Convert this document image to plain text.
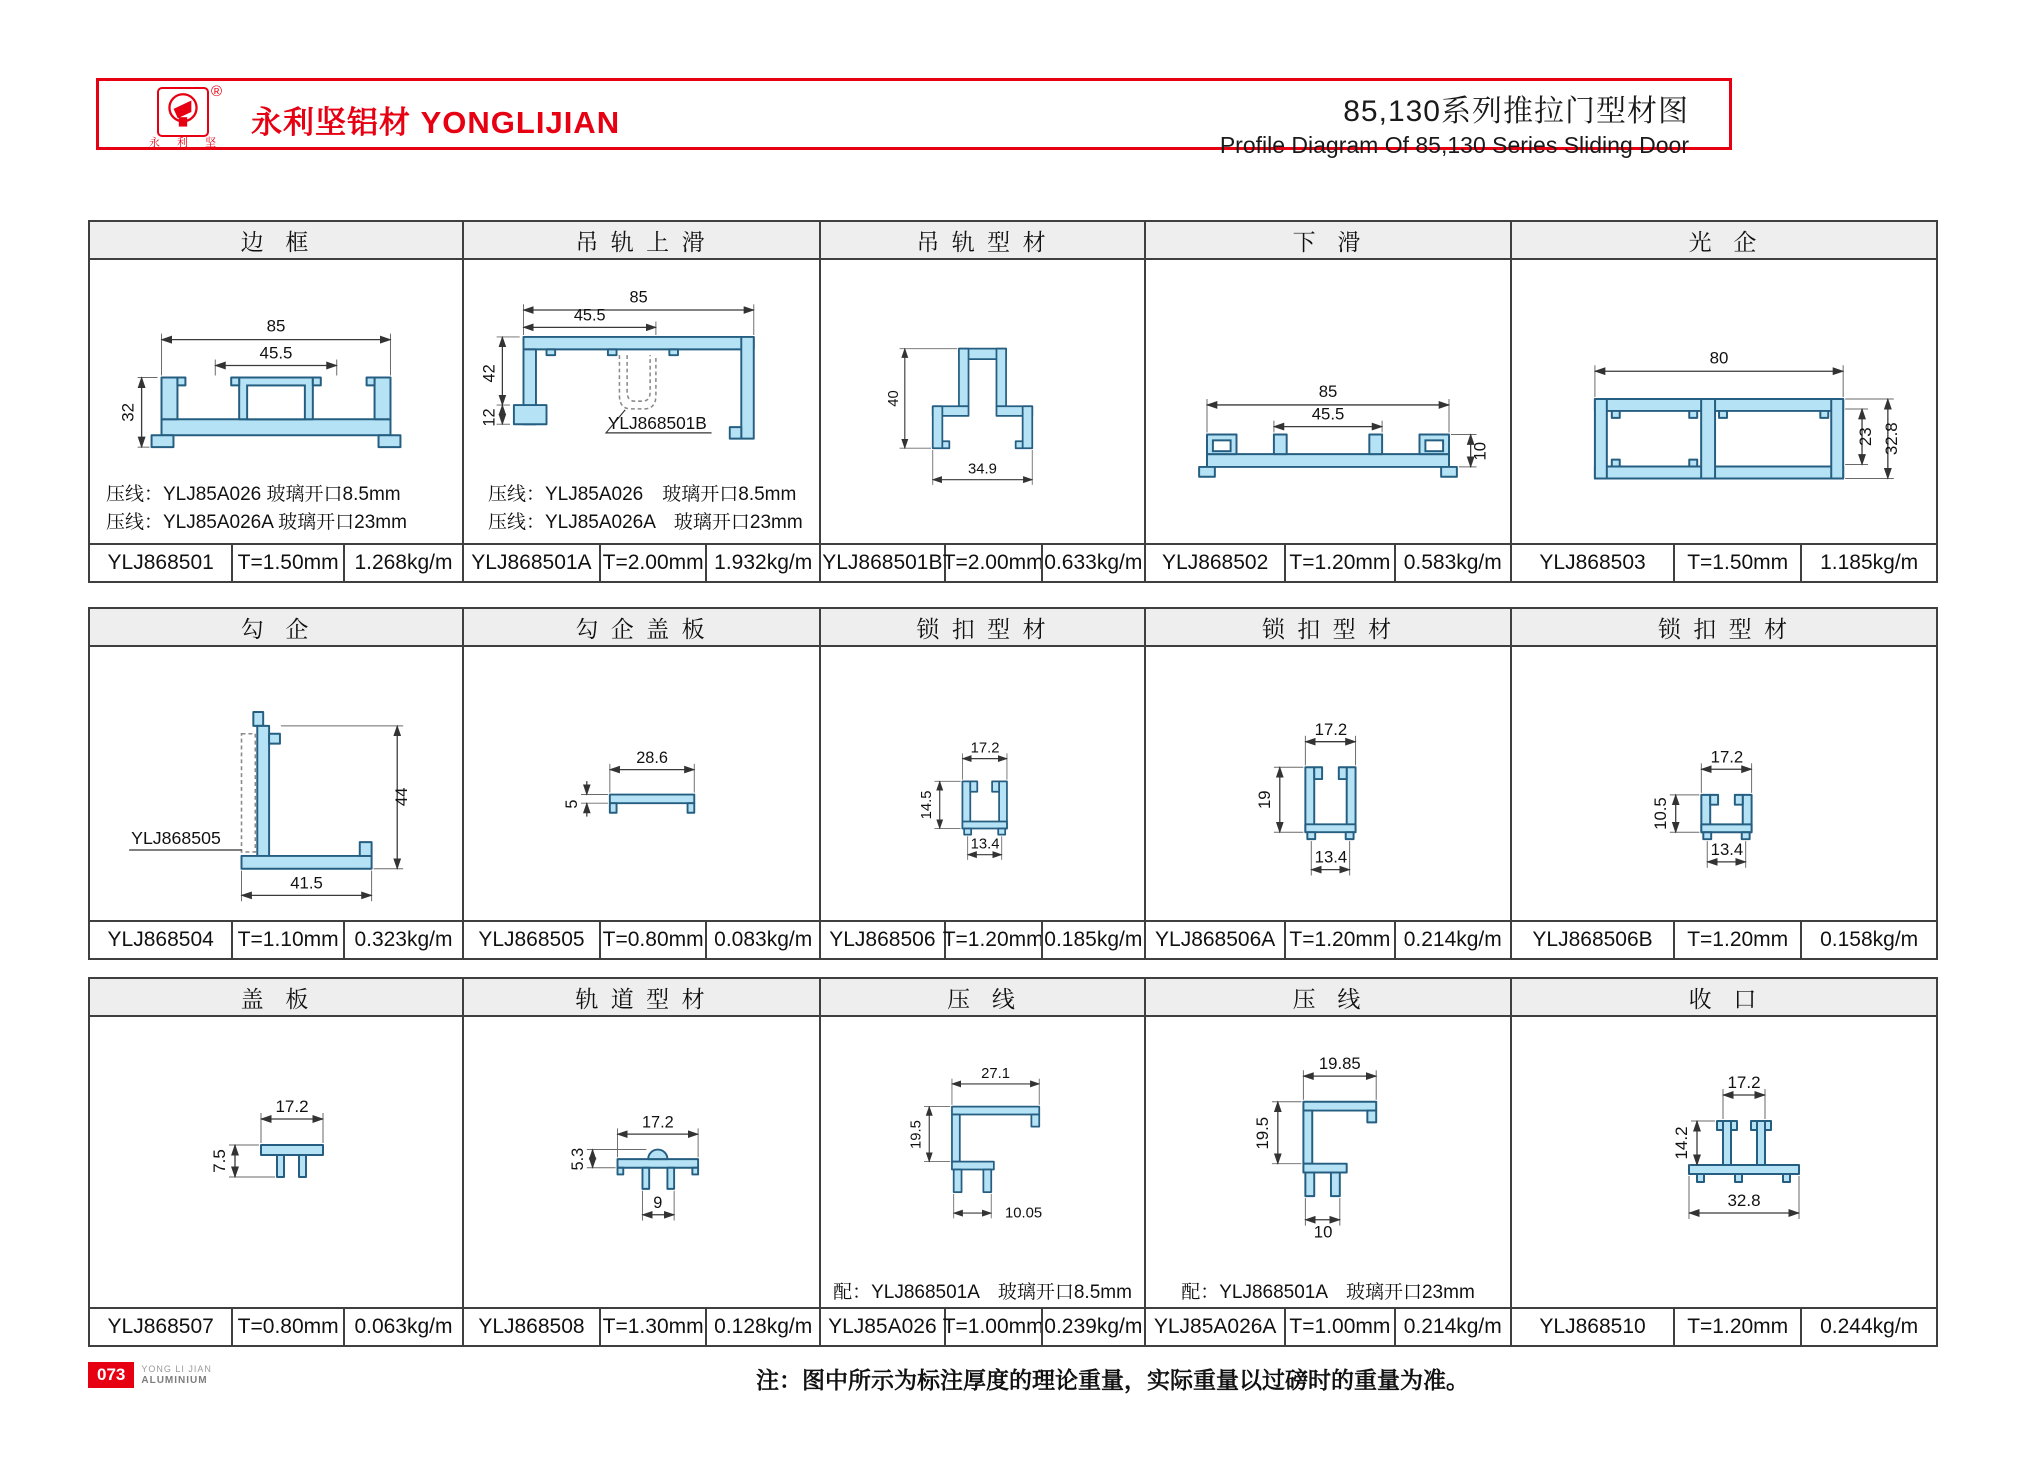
®
永 利 坚
永利坚铝材 YONGLIJIAN	85,130系列推拉门型材图
Profile Diagram Of 85,130 Series Sliding Door
边  框
85
45.5
32
压线：YLJ85A026 玻璃开口8.5mm
压线：YLJ85A026A 玻璃开口23mm
YLJ868501	T=1.50mm 1.268kg/m
吊 轨 上 滑
YLJ868501B
85
45.5
42
12
压线：YLJ85A026　玻璃开口8.5mm
压线：YLJ85A026A　玻璃开口23mm
YLJ868501A T=2.00mm 1.932kg/m
吊 轨 型 材
40
34.9
YLJ868501B T=2.00mm 0.633kg/m
下  滑
85
45.5
10
YLJ868502	T=1.20mm 0.583kg/m
光  企
80
23 32.8
YLJ868503	T=1.50mm	1.185kg/m
勾  企
YLJ868505
44
41.5
YLJ868504	T=1.10mm 0.323kg/m
勾 企 盖 板
28.6
5
YLJ868505 T=0.80mm 0.083kg/m
锁 扣 型 材
17.2
14.5
13.4
YLJ868506 T=1.20mm 0.185kg/m
锁 扣 型 材
17.2
19
13.4
YLJ868506A T=1.20mm 0.214kg/m
锁 扣 型 材
17.2
10.5
13.4
YLJ868506B	T=1.20mm	0.158kg/m
盖  板
17.2
7.5
YLJ868507	T=0.80mm 0.063kg/m
轨 道 型 材
17.2
5.3
9
YLJ868508 T=1.30mm 0.128kg/m
压  线
27.1
19.5
10.05
配：YLJ868501A　玻璃开口8.5mm
YLJ85A026 T=1.00mm 0.239kg/m
压  线
19.85
19.5
10
配：YLJ868501A　玻璃开口23mm
YLJ85A026A T=1.00mm 0.214kg/m
收  口
17.2
14.2
32.8
YLJ868510	T=1.20mm	0.244kg/m
073	YONG LI JIAN
ALUMINIUM	注：图中所示为标注厚度的理论重量，实际重量以过磅时的重量为准。
